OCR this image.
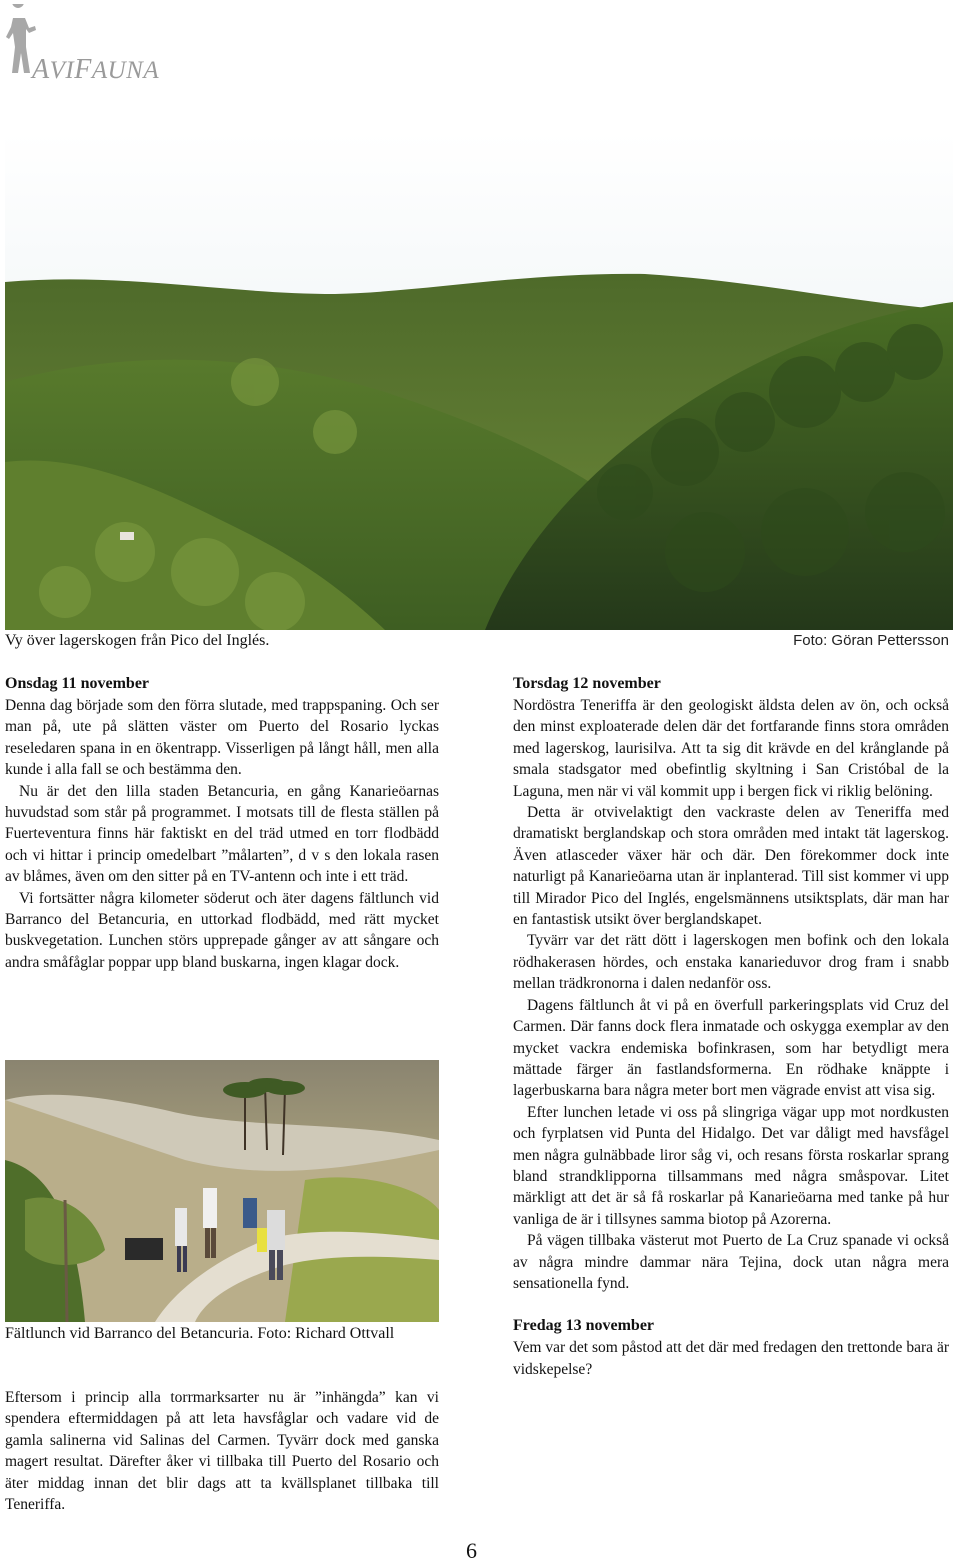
AVIFAUNA
Vy över lagerskogen från Pico del Inglés.	Foto: Göran Pettersson
Onsdag 11 november

Denna dag började som den förra slutade, med trappspaning. Och ser man på, ute på slätten väster om Puerto del Rosario lyckas reseledaren spana in en ökentrapp. Visserligen på långt håll, men alla kunde i alla fall se och bestämma den.

Nu är det den lilla staden Betancuria, en gång Kanarieöarnas huvudstad som står på programmet. I motsats till de flesta ställen på Fuerteventura finns här faktiskt en del träd utmed en torr flodbädd och vi hittar i princip omedelbart ”målarten”, d v s den lokala rasen av blåmes, även om den sitter på en TV-antenn och inte i ett träd.

Vi fortsätter några kilometer söderut och äter dagens fältlunch vid Barranco del Betancuria, en uttorkad flodbädd, med rätt mycket buskvegetation. Lunchen störs upprepade gånger av att sångare och andra småfåglar poppar upp bland buskarna, ingen klagar dock.

Fältlunch vid Barranco del Betancuria. Foto: Richard Ottvall

Eftersom i princip alla torrmarksarter nu är ”inhängda” kan vi spendera eftermiddagen på att leta havsfåglar och vadare vid de gamla salinerna vid Salinas del Carmen. Tyvärr dock med ganska magert resultat. Därefter åker vi tillbaka till Puerto del Rosario och äter middag innan det blir dags att ta kvällsplanet tillbaka till Teneriffa.

Torsdag 12 november

Nordöstra Teneriffa är den geologiskt äldsta delen av ön, och också den minst exploaterade delen där det fortfarande finns stora områden med lagerskog, laurisilva. Att ta sig dit krävde en del krånglande på smala stadsgator med obefintlig skyltning i San Cristóbal de la Laguna, men när vi väl kommit upp i bergen fick vi riklig belöning.

Detta är otvivelaktigt den vackraste delen av Teneriffa med dramatiskt berglandskap och stora områden med intakt tät lagerskog. Även atlasceder växer här och där. Den förekommer dock inte naturligt på Kanarieöarna utan är inplanterad. Till sist kommer vi upp till Mirador Pico del Inglés, engelsmännens utsiktsplats, där man har en fantastisk utsikt över berglandskapet.

Tyvärr var det rätt dött i lagerskogen men bofink och den lokala rödhakerasen hördes, och enstaka kanarieduvor drog fram i snabb mellan trädkronorna i dalen nedanför oss.

Dagens fältlunch åt vi på en överfull parkeringsplats vid Cruz del Carmen. Där fanns dock flera inmatade och oskygga exemplar av den mycket vackra endemiska bofinkrasen, som har betydligt mera mättade färger än fastlandsformerna. En rödhake knäppte i lagerbuskarna bara några meter bort men vägrade envist att visa sig.

Efter lunchen letade vi oss på slingriga vägar upp mot nordkusten och fyrplatsen vid Punta del Hidalgo. Det var dåligt med havsfågel men några gulnäbbade liror såg vi, och resans första roskarlar sprang bland strandklipporna tillsammans med några småspovar. Litet märkligt att det är så få roskarlar på Kanarieöarna med tanke på hur vanliga de är i tillsynes samma biotop på Azorerna.

På vägen tillbaka västerut mot Puerto de La Cruz spanade vi också av några mindre dammar nära Tejina, dock utan några mera sensationella fynd.

Fredag 13 november

Vem var det som påstod att det där med fredagen den trettonde bara är vidskepelse?

6
